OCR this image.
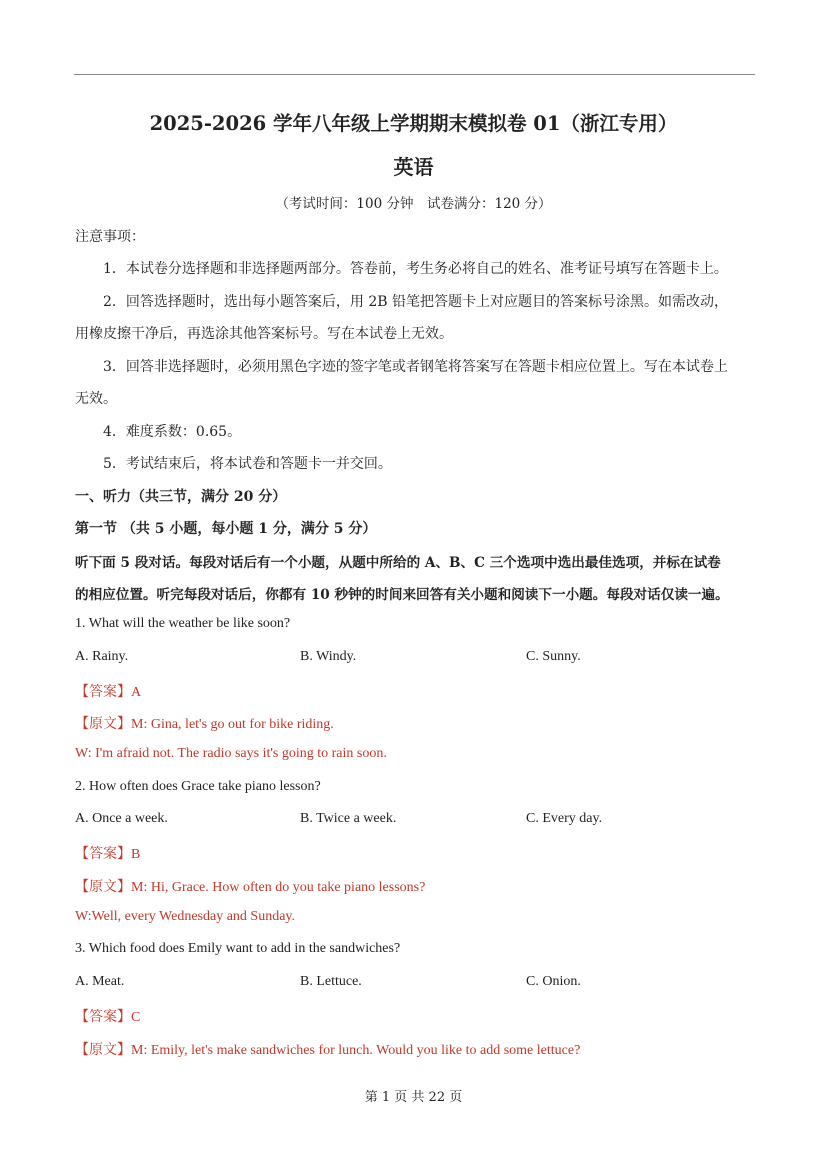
2025-2026 学年八年级上学期期末模拟卷 01（浙江专用）
英语
（考试时间：100 分钟　试卷满分：120 分）
注意事项：
1．本试卷分选择题和非选择题两部分。答卷前，考生务必将自己的姓名、准考证号填写在答题卡上。
2．回答选择题时，选出每小题答案后，用 2B 铅笔把答题卡上对应题目的答案标号涂黑。如需改动，
用橡皮擦干净后，再选涂其他答案标号。写在本试卷上无效。
3．回答非选择题时，必须用黑色字迹的签字笔或者钢笔将答案写在答题卡相应位置上。写在本试卷上
无效。
4．难度系数：0.65。
5．考试结束后，将本试卷和答题卡一并交回。
一、听力（共三节，满分 20 分）
第一节 （共 5 小题，每小题 1 分，满分 5 分）
听下面 5 段对话。每段对话后有一个小题，从题中所给的 A、B、C 三个选项中选出最佳选项，并标在试卷
的相应位置。听完每段对话后，你都有 10 秒钟的时间来回答有关小题和阅读下一小题。每段对话仅读一遍。
1. What will the weather be like soon?
A. Rainy.	B. Windy.	C. Sunny.
【答案】A
【原文】M: Gina, let's go out for bike riding.
W: I'm afraid not. The radio says it's going to rain soon.
2. How often does Grace take piano lesson?
A. Once a week.	B. Twice a week.	C. Every day.
【答案】B
【原文】M: Hi, Grace. How often do you take piano lessons?
W:Well, every Wednesday and Sunday.
3. Which food does Emily want to add in the sandwiches?
A. Meat.	B. Lettuce.	C. Onion.
【答案】C
【原文】M: Emily, let's make sandwiches for lunch. Would you like to add some lettuce?
第 1 页 共 22 页
